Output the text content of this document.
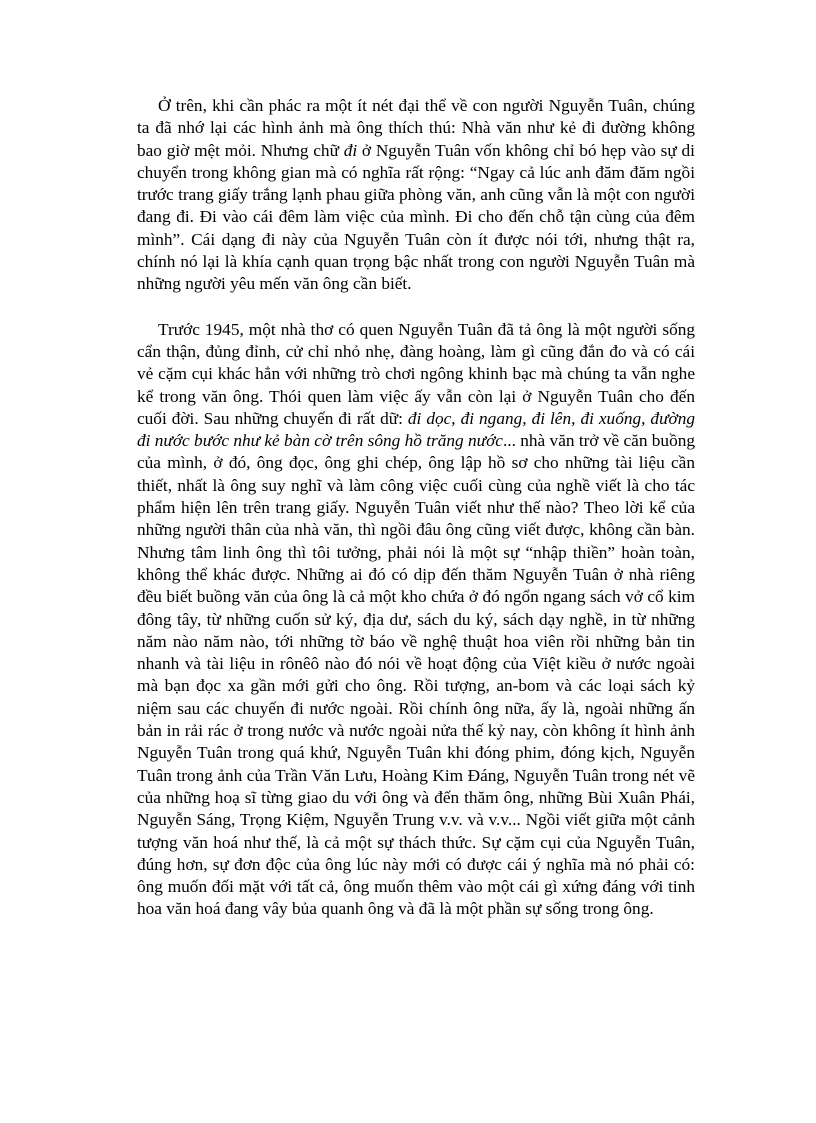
Ở trên, khi cần phác ra một ít nét đại thể về con người Nguyễn Tuân, chúng ta đã nhớ lại các hình ảnh mà ông thích thú: Nhà văn như kẻ đi đường không bao giờ mệt mỏi. Nhưng chữ đi ở Nguyễn Tuân vốn không chỉ bó hẹp vào sự di chuyển trong không gian mà có nghĩa rất rộng: “Ngay cả lúc anh đăm đăm ngồi trước trang giấy trắng lạnh phau giữa phòng văn, anh cũng vẫn là một con người đang đi. Đi vào cái đêm làm việc của mình. Đi cho đến chỗ tận cùng của đêm mình”. Cái dạng đi này của Nguyễn Tuân còn ít được nói tới, nhưng thật ra, chính nó lại là khía cạnh quan trọng bậc nhất trong con người Nguyễn Tuân mà những người yêu mến văn ông cần biết.

Trước 1945, một nhà thơ có quen Nguyễn Tuân đã tả ông là một người sống cẩn thận, đủng đỉnh, cử chỉ nhỏ nhẹ, đàng hoàng, làm gì cũng đắn đo và có cái vẻ cặm cụi khác hẳn với những trò chơi ngông khinh bạc mà chúng ta vẫn nghe kể trong văn ông. Thói quen làm việc ấy vẫn còn lại ở Nguyễn Tuân cho đến cuối đời. Sau những chuyến đi rất dữ: đi dọc, đi ngang, đi lên, đi xuống, đường đi nước bước như kẻ bàn cờ trên sông hồ trăng nước... nhà văn trở về căn buồng của mình, ở đó, ông đọc, ông ghi chép, ông lập hồ sơ cho những tài liệu cần thiết, nhất là ông suy nghĩ và làm công việc cuối cùng của nghề viết là cho tác phẩm hiện lên trên trang giấy. Nguyễn Tuân viết như thế nào? Theo lời kể của những người thân của nhà văn, thì ngồi đâu ông cũng viết được, không cần bàn. Nhưng tâm linh ông thì tôi tưởng, phải nói là một sự “nhập thiền” hoàn toàn, không thể khác được. Những ai đó có dịp đến thăm Nguyễn Tuân ở nhà riêng đều biết buồng văn của ông là cả một kho chứa ở đó ngổn ngang sách vở cổ kim đông tây, từ những cuốn sử ký, địa dư, sách du ký, sách dạy nghề, in từ những năm nào năm nào, tới những tờ báo về nghệ thuật hoa viên rồi những bản tin nhanh và tài liệu in rônêô nào đó nói về hoạt động của Việt kiều ở nước ngoài mà bạn đọc xa gần mới gửi cho ông. Rồi tượng, an-bom và các loại sách kỷ niệm sau các chuyến đi nước ngoài. Rồi chính ông nữa, ấy là, ngoài những ấn bản in rải rác ở trong nước và nước ngoài nửa thế kỷ nay, còn không ít hình ảnh Nguyễn Tuân trong quá khứ, Nguyễn Tuân khi đóng phim, đóng kịch, Nguyễn Tuân trong ảnh của Trần Văn Lưu, Hoàng Kim Đáng, Nguyễn Tuân trong nét vẽ của những hoạ sĩ từng giao du với ông và đến thăm ông, những Bùi Xuân Phái, Nguyễn Sáng, Trọng Kiệm, Nguyễn Trung v.v. và v.v... Ngồi viết giữa một cảnh tượng văn hoá như thế, là cả một sự thách thức. Sự cặm cụi của Nguyễn Tuân, đúng hơn, sự đơn độc của ông lúc này mới có được cái ý nghĩa mà nó phải có: ông muốn đối mặt với tất cả, ông muốn thêm vào một cái gì xứng đáng với tinh hoa văn hoá đang vây bủa quanh ông và đã là một phần sự sống trong ông.
